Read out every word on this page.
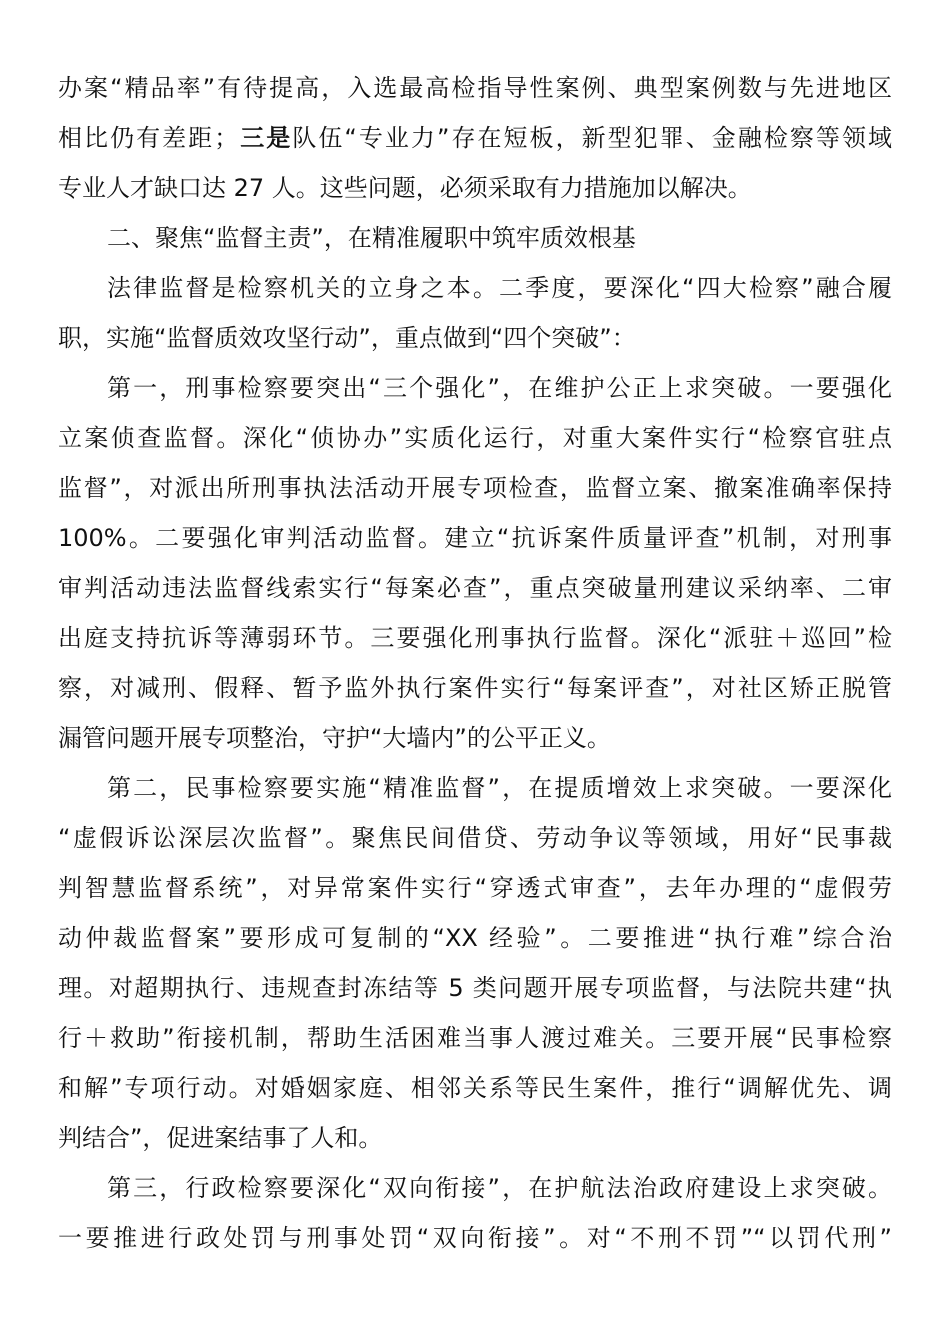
办案“精品率”有待提高，入选最高检指导性案例、典型案例数与先进地区
相比仍有差距；三是队伍“专业力”存在短板，新型犯罪、金融检察等领域
专业人才缺口达 27 人。这些问题，必须采取有力措施加以解决。
二、聚焦“监督主责”，在精准履职中筑牢质效根基
法律监督是检察机关的立身之本。二季度，要深化“四大检察”融合履
职，实施“监督质效攻坚行动”，重点做到“四个突破”：
第一，刑事检察要突出“三个强化”，在维护公正上求突破。一要强化
立案侦查监督。深化“侦协办”实质化运行，对重大案件实行“检察官驻点
监督”，对派出所刑事执法活动开展专项检查，监督立案、撤案准确率保持
100%。二要强化审判活动监督。建立“抗诉案件质量评查”机制，对刑事
审判活动违法监督线索实行“每案必查”，重点突破量刑建议采纳率、二审
出庭支持抗诉等薄弱环节。三要强化刑事执行监督。深化“派驻＋巡回”检
察，对减刑、假释、暂予监外执行案件实行“每案评查”，对社区矫正脱管
漏管问题开展专项整治，守护“大墙内”的公平正义。
第二，民事检察要实施“精准监督”，在提质增效上求突破。一要深化
“虚假诉讼深层次监督”。聚焦民间借贷、劳动争议等领域，用好“民事裁
判智慧监督系统”，对异常案件实行“穿透式审查”，去年办理的“虚假劳
动仲裁监督案”要形成可复制的“XX 经验”。二要推进“执行难”综合治
理。对超期执行、违规查封冻结等 5 类问题开展专项监督，与法院共建“执
行＋救助”衔接机制，帮助生活困难当事人渡过难关。三要开展“民事检察
和解”专项行动。对婚姻家庭、相邻关系等民生案件，推行“调解优先、调
判结合”，促进案结事了人和。
第三，行政检察要深化“双向衔接”，在护航法治政府建设上求突破。
一要推进行政处罚与刑事处罚“双向衔接”。对“不刑不罚”“以罚代刑”
